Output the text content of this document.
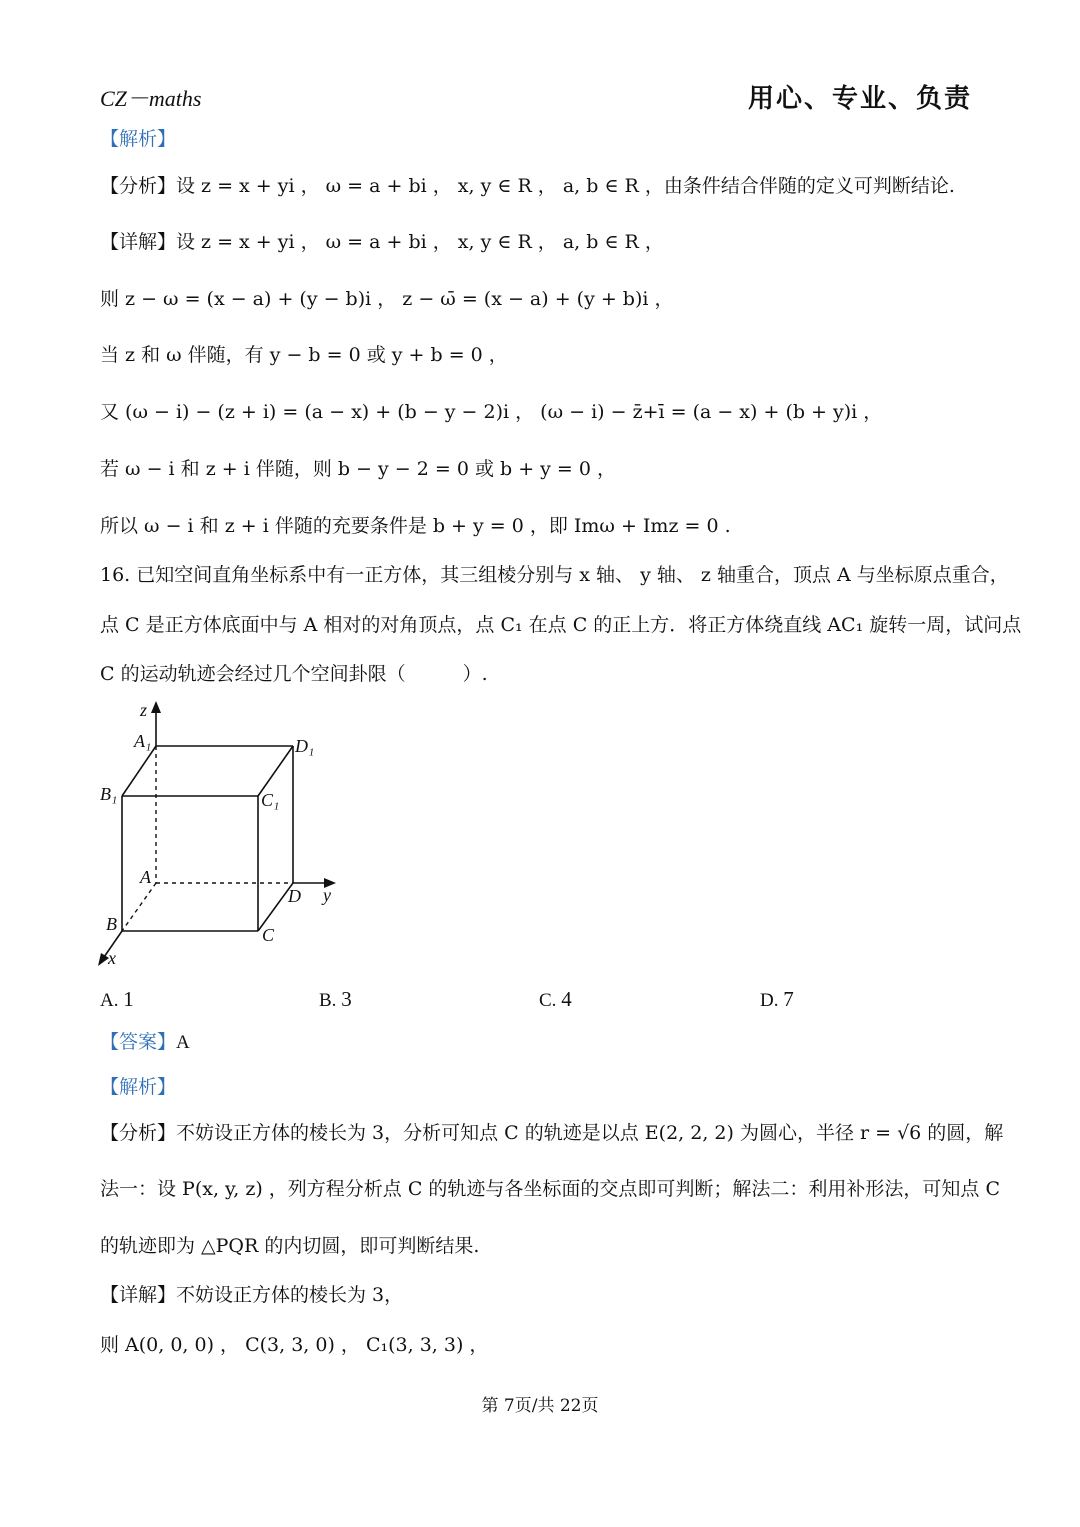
CZ－maths	用心、专业、负责
【解析】
【分析】设 z = x + yi ， ω = a + bi ， x, y ∈ R ， a, b ∈ R ，由条件结合伴随的定义可判断结论.
【详解】设 z = x + yi ， ω = a + bi ， x, y ∈ R ， a, b ∈ R ，
则 z − ω = (x − a) + (y − b)i ， z − ω̄ = (x − a) + (y + b)i ，
当 z 和 ω 伴随，有 y − b = 0 或 y + b = 0 ，
又 (ω − i) − (z + i) = (a − x) + (b − y − 2)i ， (ω − i) − z̄+ī = (a − x) + (b + y)i ，
若 ω − i 和 z + i 伴随，则 b − y − 2 = 0 或 b + y = 0 ，
所以 ω − i 和 z + i 伴随的充要条件是 b + y = 0 ，即 Imω + Imz = 0 .
16. 已知空间直角坐标系中有一正方体，其三组棱分别与 x 轴、 y 轴、 z 轴重合，顶点 A 与坐标原点重合，
点 C 是正方体底面中与 A 相对的对角顶点，点 C₁ 在点 C 的正上方．将正方体绕直线 AC₁ 旋转一周，试问点
C 的运动轨迹会经过几个空间卦限（　　　）.
z
y
x
A₁	D₁
B₁	C₁
A
D
B
C
A. 1	B. 3	C. 4	D. 7
【答案】A
【解析】
【分析】不妨设正方体的棱长为 3，分析可知点 C 的轨迹是以点 E(2, 2, 2) 为圆心，半径 r = √6 的圆，解
法一：设 P(x, y, z) ，列方程分析点 C 的轨迹与各坐标面的交点即可判断；解法二：利用补形法，可知点 C
的轨迹即为 △PQR 的内切圆，即可判断结果.
【详解】不妨设正方体的棱长为 3，
则 A(0, 0, 0) ， C(3, 3, 0) ， C₁(3, 3, 3) ，
第 7页/共 22页
